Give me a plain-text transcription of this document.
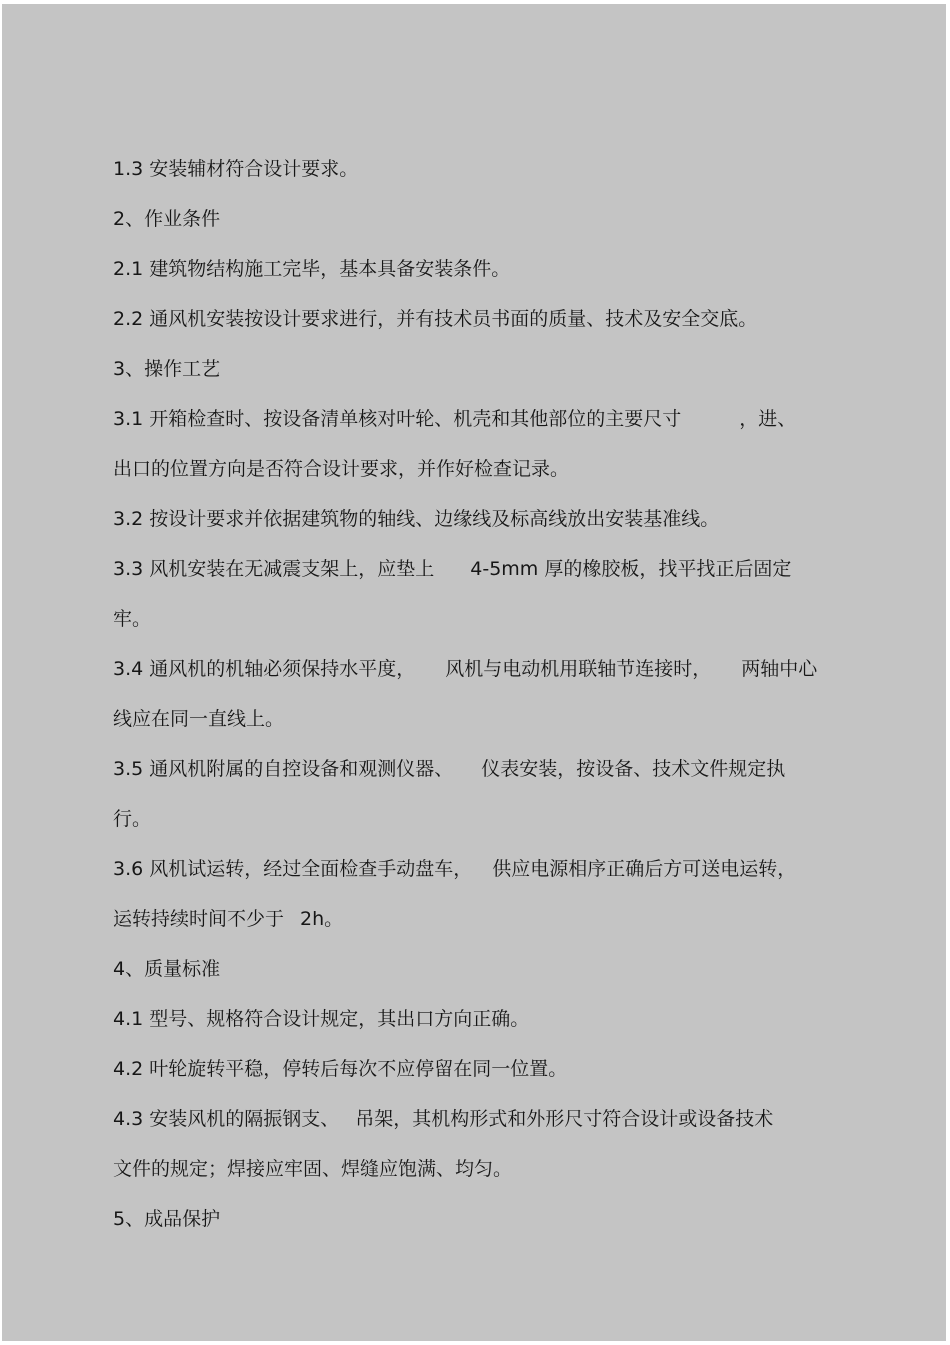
1.3 安装辅材符合设计要求。
2、作业条件
2.1 建筑物结构施工完毕，基本具备安装条件。
2.2 通风机安装按设计要求进行，并有技术员书面的质量、技术及安全交底。
3、操作工艺
3.1 开箱检查时、按设备清单核对叶轮、机壳和其他部位的主要尺寸	，进、
出口的位置方向是否符合设计要求，并作好检查记录。
3.2 按设计要求并依据建筑物的轴线、边缘线及标高线放出安装基准线。
3.3 风机安装在无减震支架上，应垫上 4-5mm 厚的橡胶板，找平找正后固定
牢。
3.4 通风机的机轴必须保持水平度， 风机与电动机用联轴节连接时， 两轴中心
线应在同一直线上。
3.5 通风机附属的自控设备和观测仪器、 仪表安装，按设备、技术文件规定执
行。
3.6 风机试运转，经过全面检查手动盘车， 供应电源相序正确后方可送电运转，
运转持续时间不少于 2h。
4、质量标准
4.1 型号、规格符合设计规定，其出口方向正确。
4.2 叶轮旋转平稳，停转后每次不应停留在同一位置。
4.3 安装风机的隔振钢支、 吊架，其机构形式和外形尺寸符合设计或设备技术
文件的规定；焊接应牢固、焊缝应饱满、均匀。
5、成品保护
